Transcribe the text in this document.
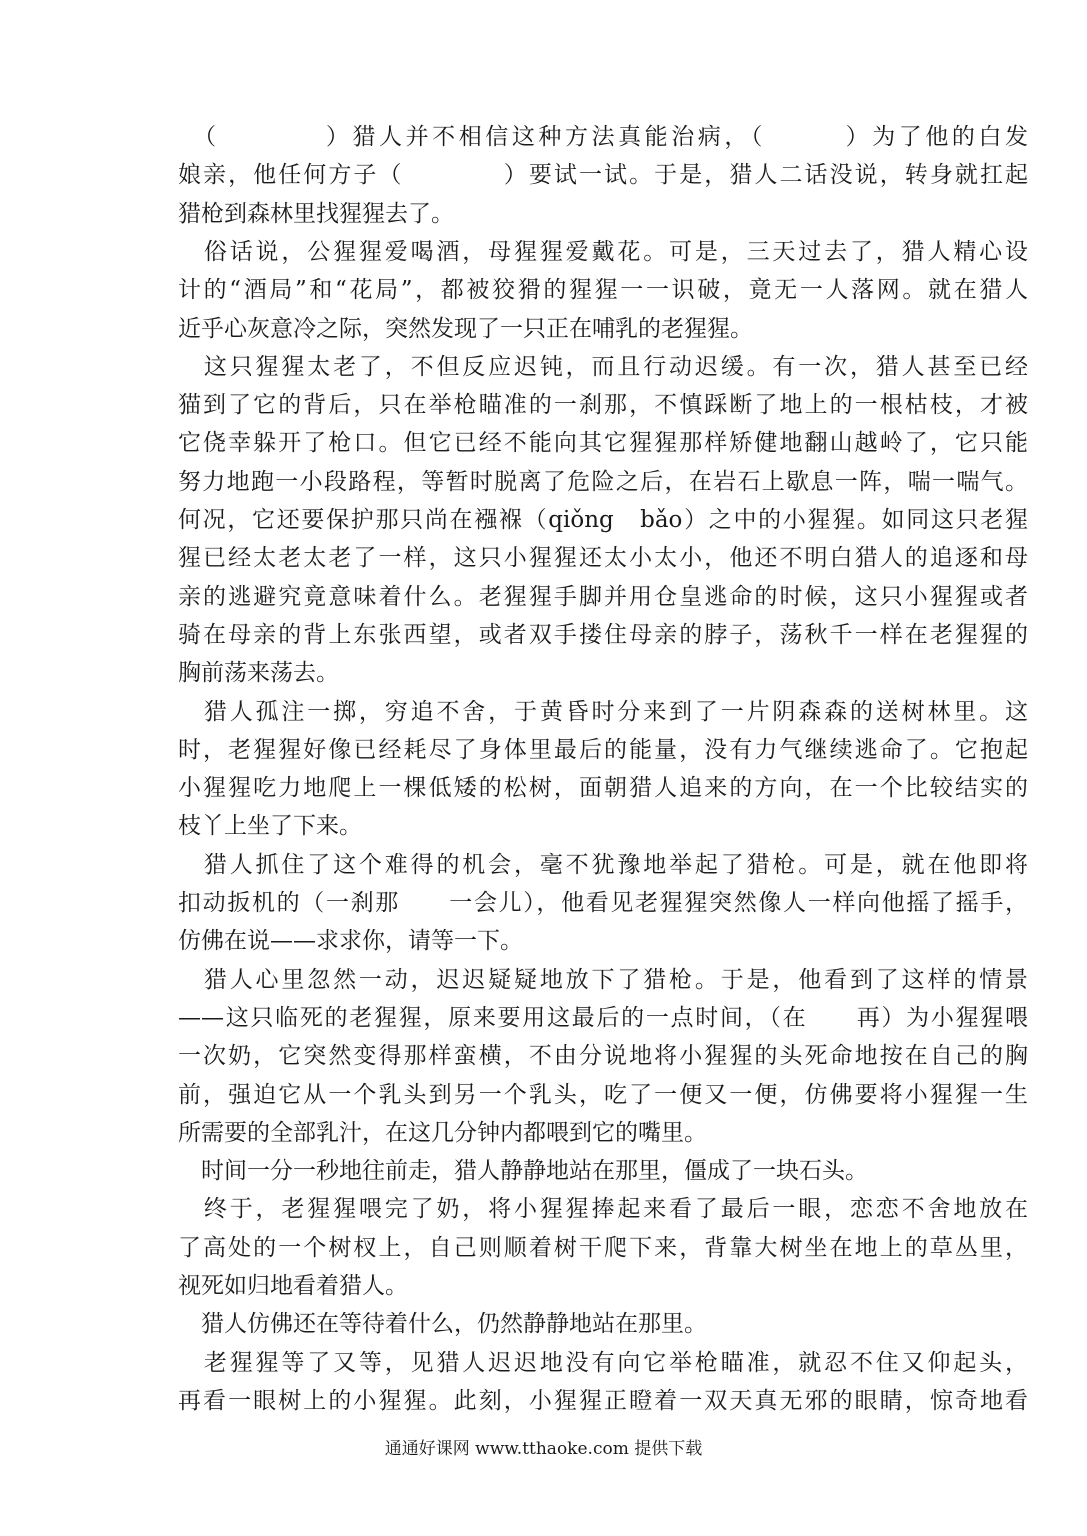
　（　　　　）猎人并不相信这种方法真能治病，（　　　）为了他的白发
娘亲，他任何方子（　　　　）要试一试。于是，猎人二话没说，转身就扛起
猎枪到森林里找猩猩去了。
　俗话说，公猩猩爱喝酒，母猩猩爱戴花。可是，三天过去了，猎人精心设
计的“酒局”和“花局”，都被狡猾的猩猩一一识破，竟无一人落网。就在猎人
近乎心灰意冷之际，突然发现了一只正在哺乳的老猩猩。
　这只猩猩太老了，不但反应迟钝，而且行动迟缓。有一次，猎人甚至已经
猫到了它的背后，只在举枪瞄准的一刹那，不慎踩断了地上的一根枯枝，才被
它侥幸躲开了枪口。但它已经不能向其它猩猩那样矫健地翻山越岭了，它只能
努力地跑一小段路程，等暂时脱离了危险之后，在岩石上歇息一阵，喘一喘气。
何况，它还要保护那只尚在襁褓（qiǒng　bǎo）之中的小猩猩。如同这只老猩
猩已经太老太老了一样，这只小猩猩还太小太小，他还不明白猎人的追逐和母
亲的逃避究竟意味着什么。老猩猩手脚并用仓皇逃命的时候，这只小猩猩或者
骑在母亲的背上东张西望，或者双手搂住母亲的脖子，荡秋千一样在老猩猩的
胸前荡来荡去。
　猎人孤注一掷，穷追不舍，于黄昏时分来到了一片阴森森的送树林里。这
时，老猩猩好像已经耗尽了身体里最后的能量，没有力气继续逃命了。它抱起
小猩猩吃力地爬上一棵低矮的松树，面朝猎人追来的方向，在一个比较结实的
枝丫上坐了下来。
　猎人抓住了这个难得的机会，毫不犹豫地举起了猎枪。可是，就在他即将
扣动扳机的（一刹那　　一会儿），他看见老猩猩突然像人一样向他摇了摇手，
仿佛在说——求求你，请等一下。
　猎人心里忽然一动，迟迟疑疑地放下了猎枪。于是，他看到了这样的情景
——这只临死的老猩猩，原来要用这最后的一点时间，（在　　再）为小猩猩喂
一次奶，它突然变得那样蛮横，不由分说地将小猩猩的头死命地按在自己的胸
前，强迫它从一个乳头到另一个乳头，吃了一便又一便，仿佛要将小猩猩一生
所需要的全部乳汁，在这几分钟内都喂到它的嘴里。
　时间一分一秒地往前走，猎人静静地站在那里，僵成了一块石头。
　终于，老猩猩喂完了奶，将小猩猩捧起来看了最后一眼，恋恋不舍地放在
了高处的一个树杈上，自己则顺着树干爬下来，背靠大树坐在地上的草丛里，
视死如归地看着猎人。
　猎人仿佛还在等待着什么，仍然静静地站在那里。
　老猩猩等了又等，见猎人迟迟地没有向它举枪瞄准，就忍不住又仰起头，
再看一眼树上的小猩猩。此刻，小猩猩正瞪着一双天真无邪的眼睛，惊奇地看
通通好课网 www.tthaoke.com 提供下载
